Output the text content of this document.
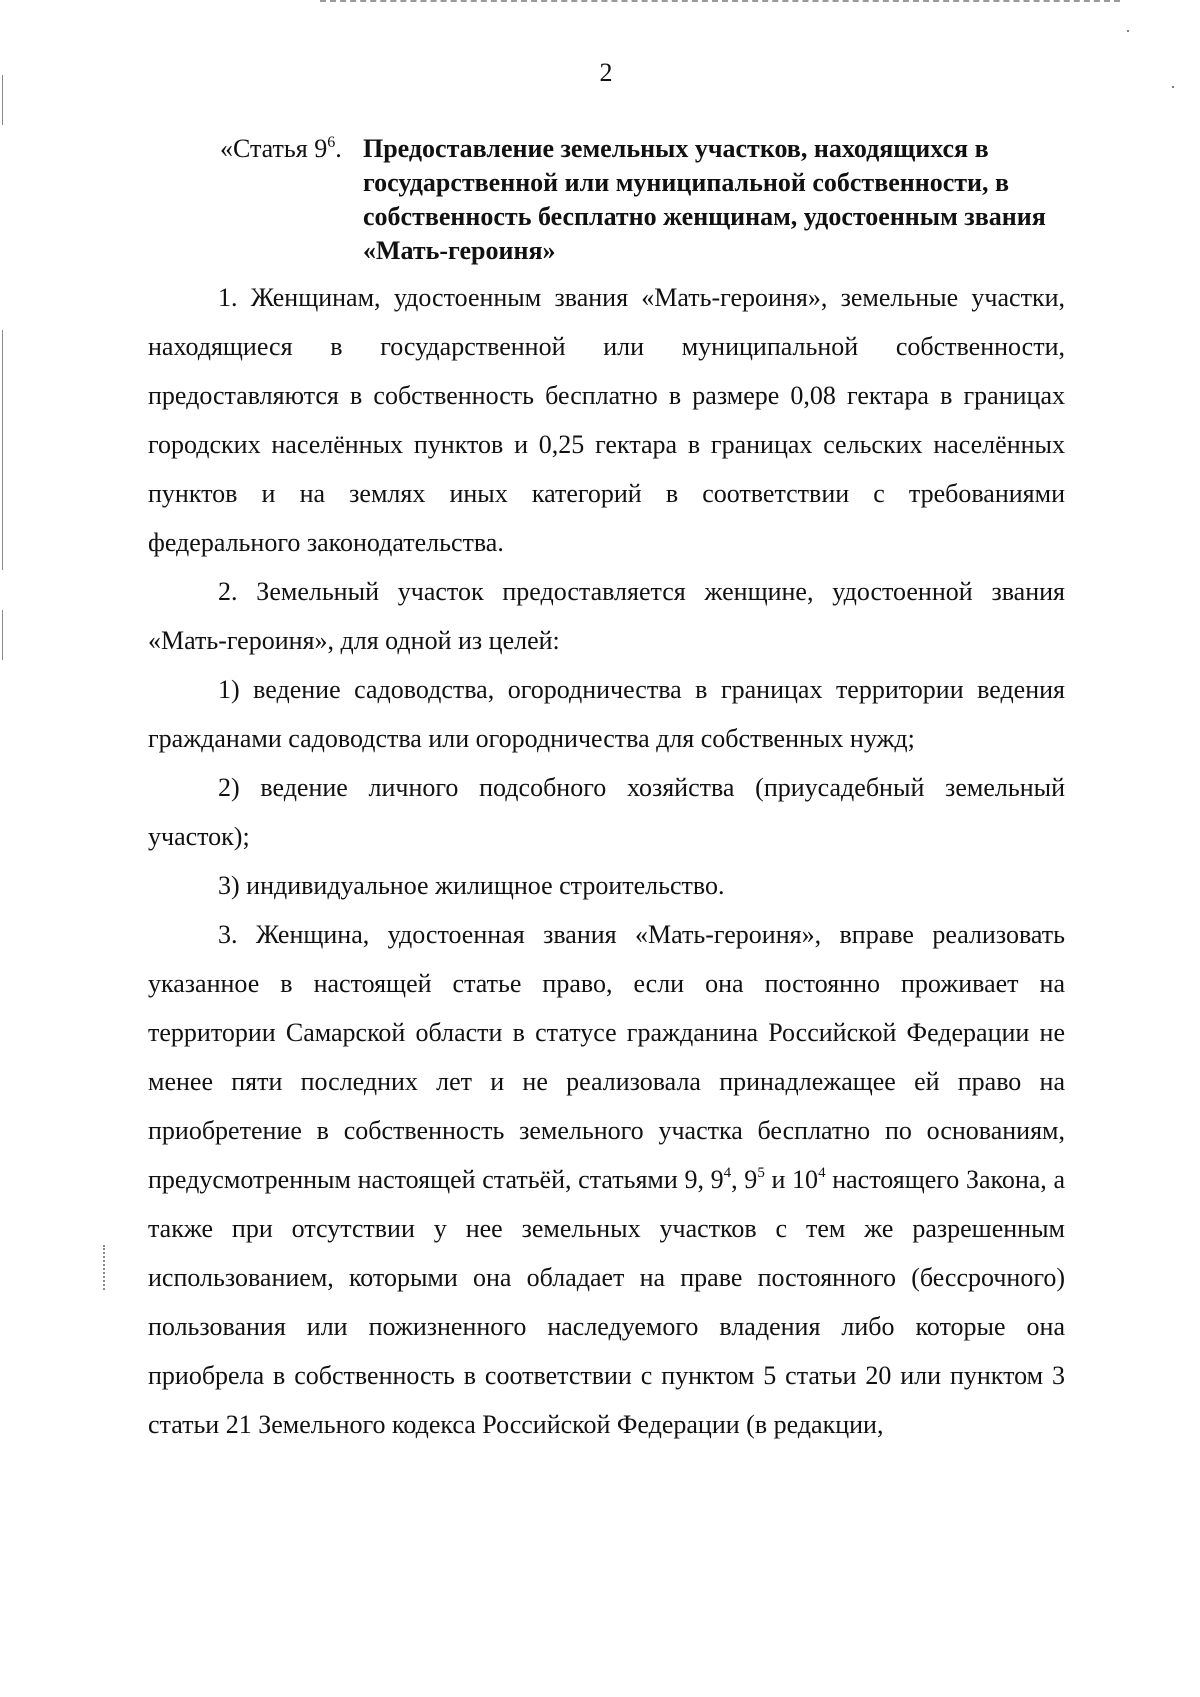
2
«Статья $9^6$. Предоставление земельных участков, находящихся в государственной или муниципальной собственности, в собственность бесплатно женщинам, удостоенным звания «Мать-героиня»

1. Женщинам, удостоенным звания «Мать-героиня», земельные участки, находящиеся в государственной или муниципальной собственности, предоставляются в собственность бесплатно в размере 0,08 гектара в границах городских населённых пунктов и 0,25 гектара в границах сельских населённых пунктов и на землях иных категорий в соответствии с требованиями федерального законодательства.

2. Земельный участок предоставляется женщине, удостоенной звания «Мать-героиня», для одной из целей:

1) ведение садоводства, огородничества в границах территории ведения гражданами садоводства или огородничества для собственных нужд;

2) ведение личного подсобного хозяйства (приусадебный земельный участок);

3) индивидуальное жилищное строительство.

3. Женщина, удостоенная звания «Мать-героиня», вправе реализовать указанное в настоящей статье право, если она постоянно проживает на территории Самарской области в статусе гражданина Российской Федерации не менее пяти последних лет и не реализовала принадлежащее ей право на приобретение в собственность земельного участка бесплатно по основаниям, предусмотренным настоящей статьёй, статьями 9, $9^4$, $9^5$ и $10^4$ настоящего Закона, а также при отсутствии у нее земельных участков с тем же разрешенным использованием, которыми она обладает на праве постоянного (бессрочного) пользования или пожизненного наследуемого владения либо которые она приобрела в собственность в соответствии с пунктом 5 статьи 20 или пунктом 3 статьи 21 Земельного кодекса Российской Федерации (в редакции,
